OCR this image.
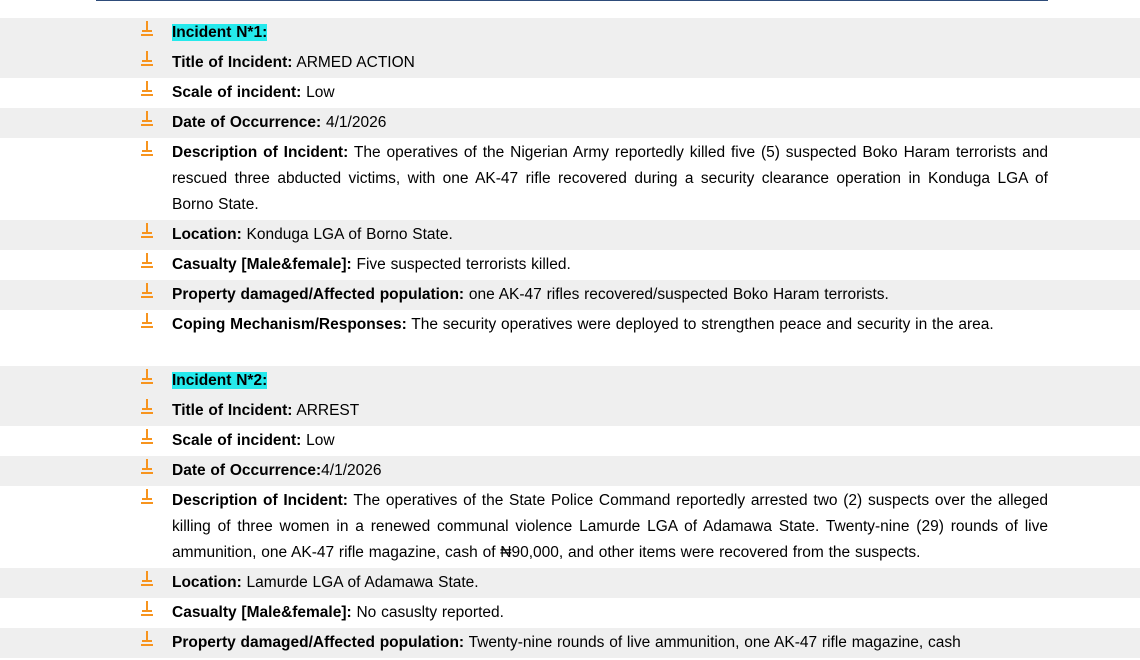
Incident N*1:
Title of Incident: ARMED ACTION
Scale of incident: Low
Date of Occurrence: 4/1/2026
Description of Incident: The operatives of the Nigerian Army reportedly killed five (5) suspected Boko Haram terrorists and rescued three abducted victims, with one AK-47 rifle recovered during a security clearance operation in Konduga LGA of Borno State.
Location: Konduga LGA of Borno State.
Casualty [Male&female]: Five suspected terrorists killed.
Property damaged/Affected population: one AK-47 rifles recovered/suspected Boko Haram terrorists.
Coping Mechanism/Responses: The security operatives were deployed to strengthen peace and security in the area.
Incident N*2:
Title of Incident: ARREST
Scale of incident: Low
Date of Occurrence:4/1/2026
Description of Incident: The operatives of the State Police Command reportedly arrested two (2) suspects over the alleged killing of three women in a renewed communal violence Lamurde LGA of Adamawa State. Twenty-nine (29) rounds of live ammunition, one AK-47 rifle magazine, cash of ₦90,000, and other items were recovered from the suspects.
Location: Lamurde LGA of Adamawa State.
Casualty [Male&female]: No casuslty reported.
Property damaged/Affected population: Twenty-nine rounds of live ammunition, one AK-47 rifle magazine, cash
